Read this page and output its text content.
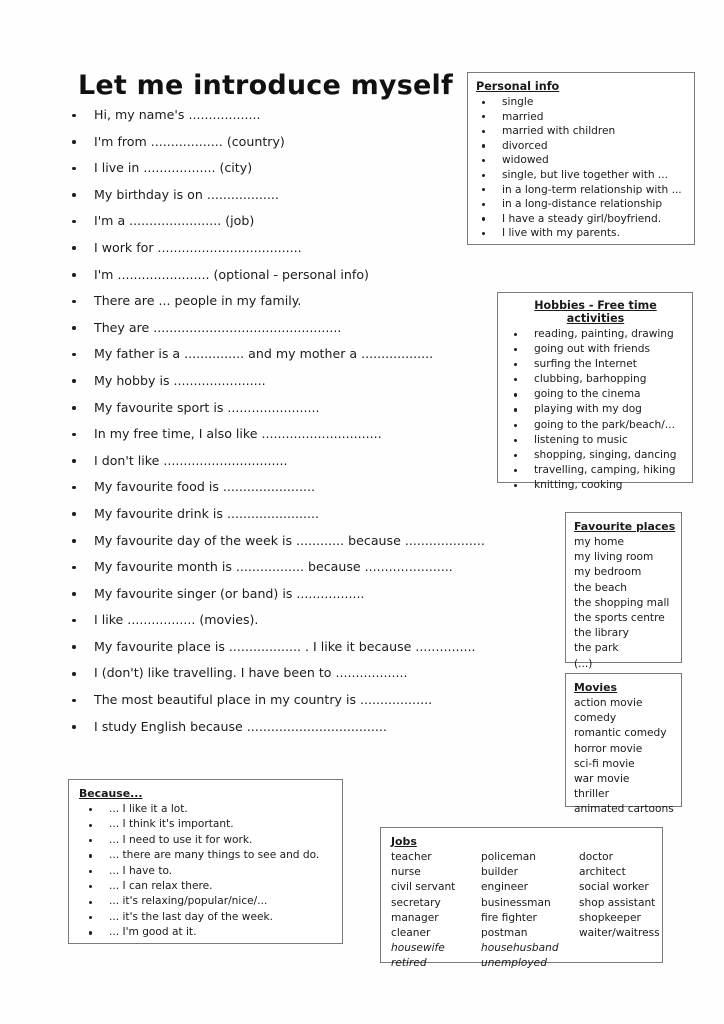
Let me introduce myself
Hi, my name's ..................
I'm from .................. (country)
I live in .................. (city)
My birthday is on ..................
I'm a ....................... (job)
I work for ....................................
I'm ....................... (optional - personal info)
There are ... people in my family.
They are ...............................................
My father is a ............... and my mother a ..................
My hobby is .......................
My favourite sport is .......................
In my free time, I also like ..............................
I don't like ...............................
My favourite food is .......................
My favourite drink is .......................
My favourite day of the week is ............ because ....................
My favourite month is ................. because ......................
My favourite singer (or band) is .................
I like ................. (movies).
My favourite place is .................. . I like it because ...............
I (don't) like travelling. I have been to ..................
The most beautiful place in my country is ..................
I study English because ...................................
Personal info
single
married
married with children
divorced
widowed
single, but live together with ...
in a long-term relationship with ...
in a long-distance relationship
I have a steady girl/boyfriend.
I live with my parents.
Hobbies - Free time activities
reading, painting, drawing
going out with friends
surfing the Internet
clubbing, barhopping
going to the cinema
playing with my dog
going to the park/beach/...
listening to music
shopping, singing, dancing
travelling, camping, hiking
knitting, cooking
Favourite places
my home
my living room
my bedroom
the beach
the shopping mall
the sports centre
the library
the park
(...)
Movies
action movie
comedy
romantic comedy
horror movie
sci-fi movie
war movie
thriller
animated cartoons
Because...
... I like it a lot.
... I think it's important.
... I need to use it for work.
... there are many things to see and do.
... I have to.
... I can relax there.
... it's relaxing/popular/nice/...
... it's the last day of the week.
... I'm good at it.
Jobs
teacher	policeman	doctor
nurse	builder	architect
civil servant	engineer	social worker
secretary	businessman	shop assistant
manager	fire fighter	shopkeeper
cleaner	postman	waiter/waitress
housewife	househusband
retired	unemployed
